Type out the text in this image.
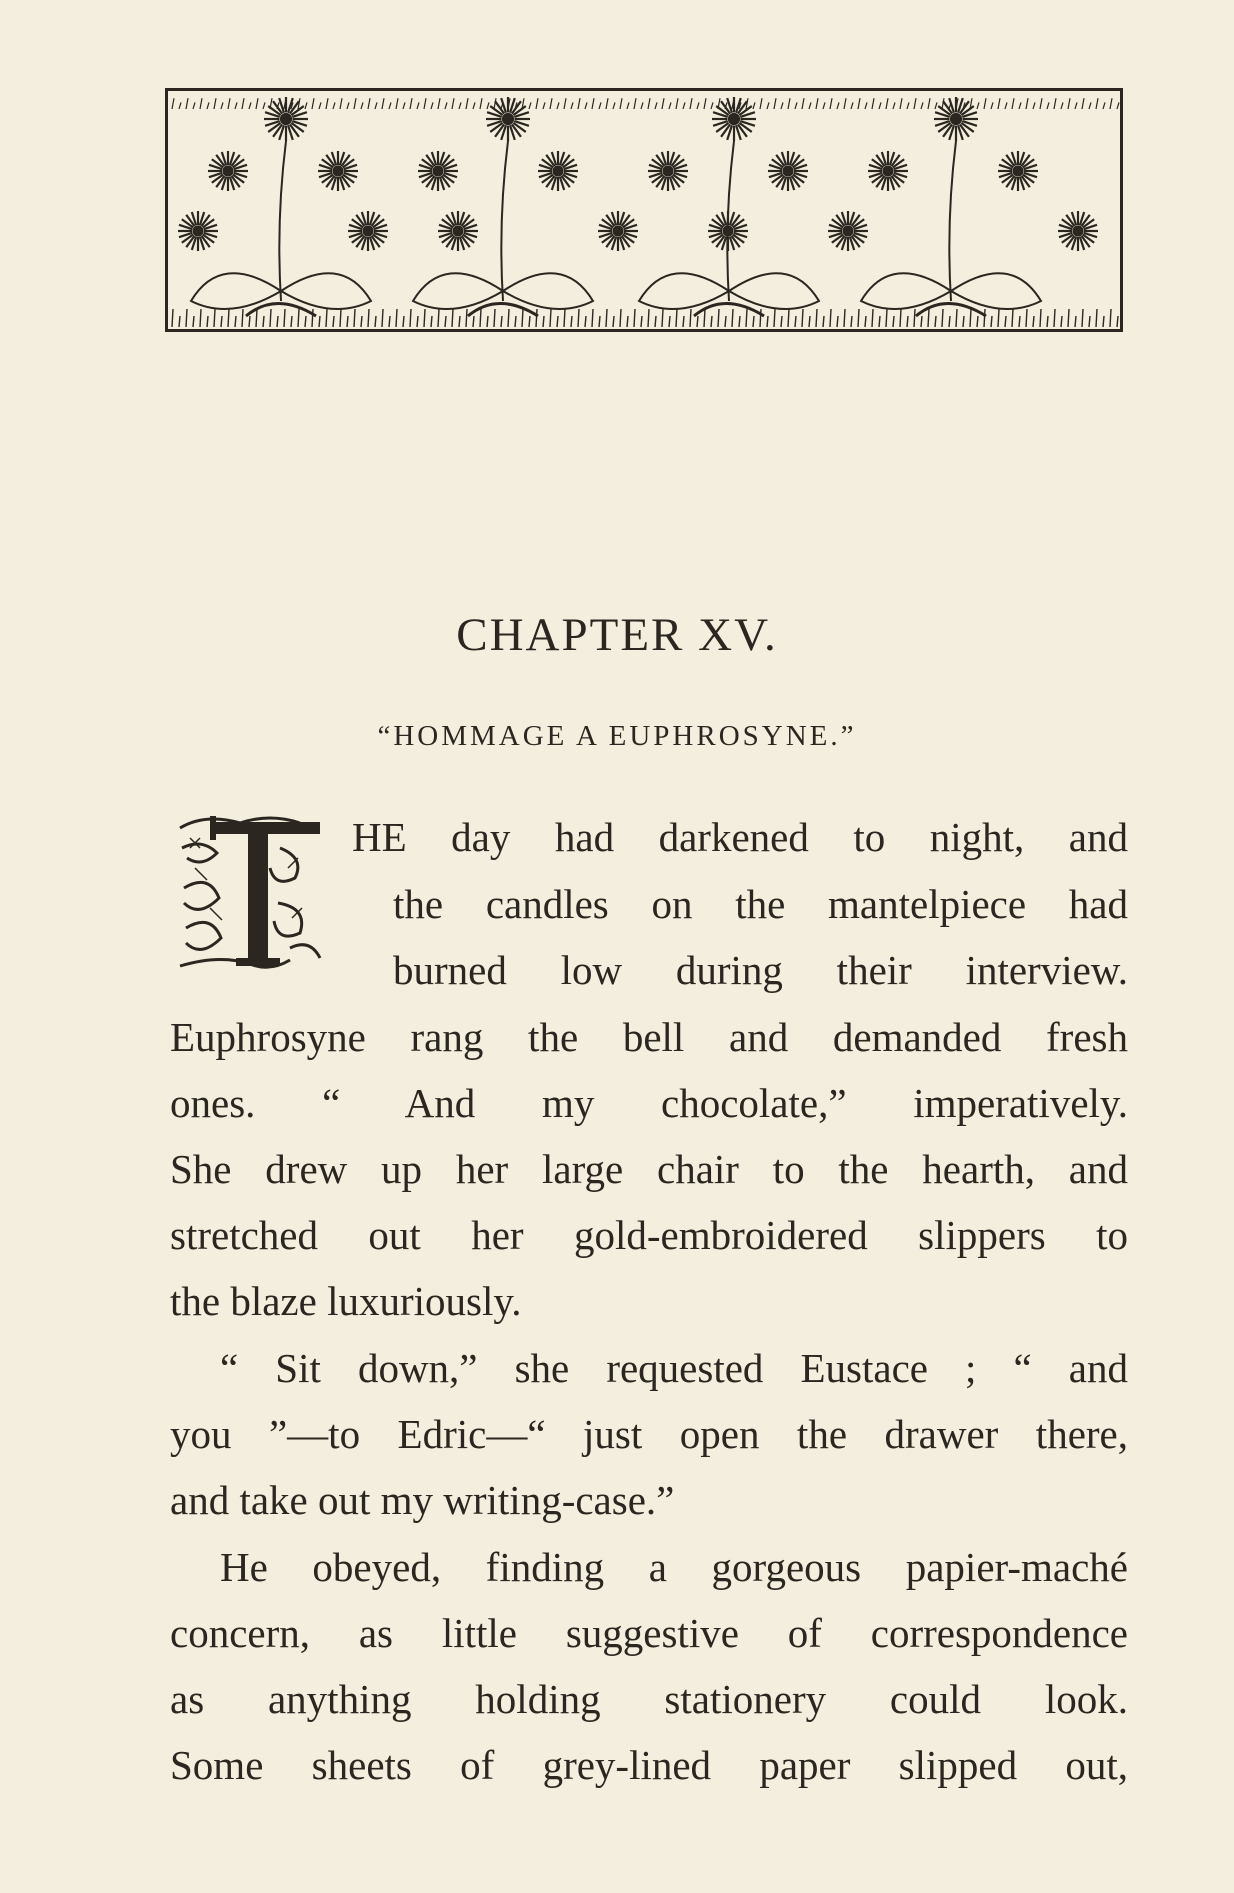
CHAPTER XV.
“HOMMAGE A EUPHROSYNE.”
HE day had darkened to night, and
the candles on the mantelpiece had
burned low during their interview.
Euphrosyne rang the bell and demanded fresh
ones. “ And my chocolate,” imperatively.
She drew up her large chair to the hearth, and
stretched out her gold-embroidered slippers to
the blaze luxuriously.
“ Sit down,” she requested Eustace ; “ and
you ”—to Edric—“ just open the drawer there,
and take out my writing-case.”
He obeyed, finding a gorgeous papier-maché
concern, as little suggestive of correspondence
as anything holding stationery could look.
Some sheets of grey-lined paper slipped out,
